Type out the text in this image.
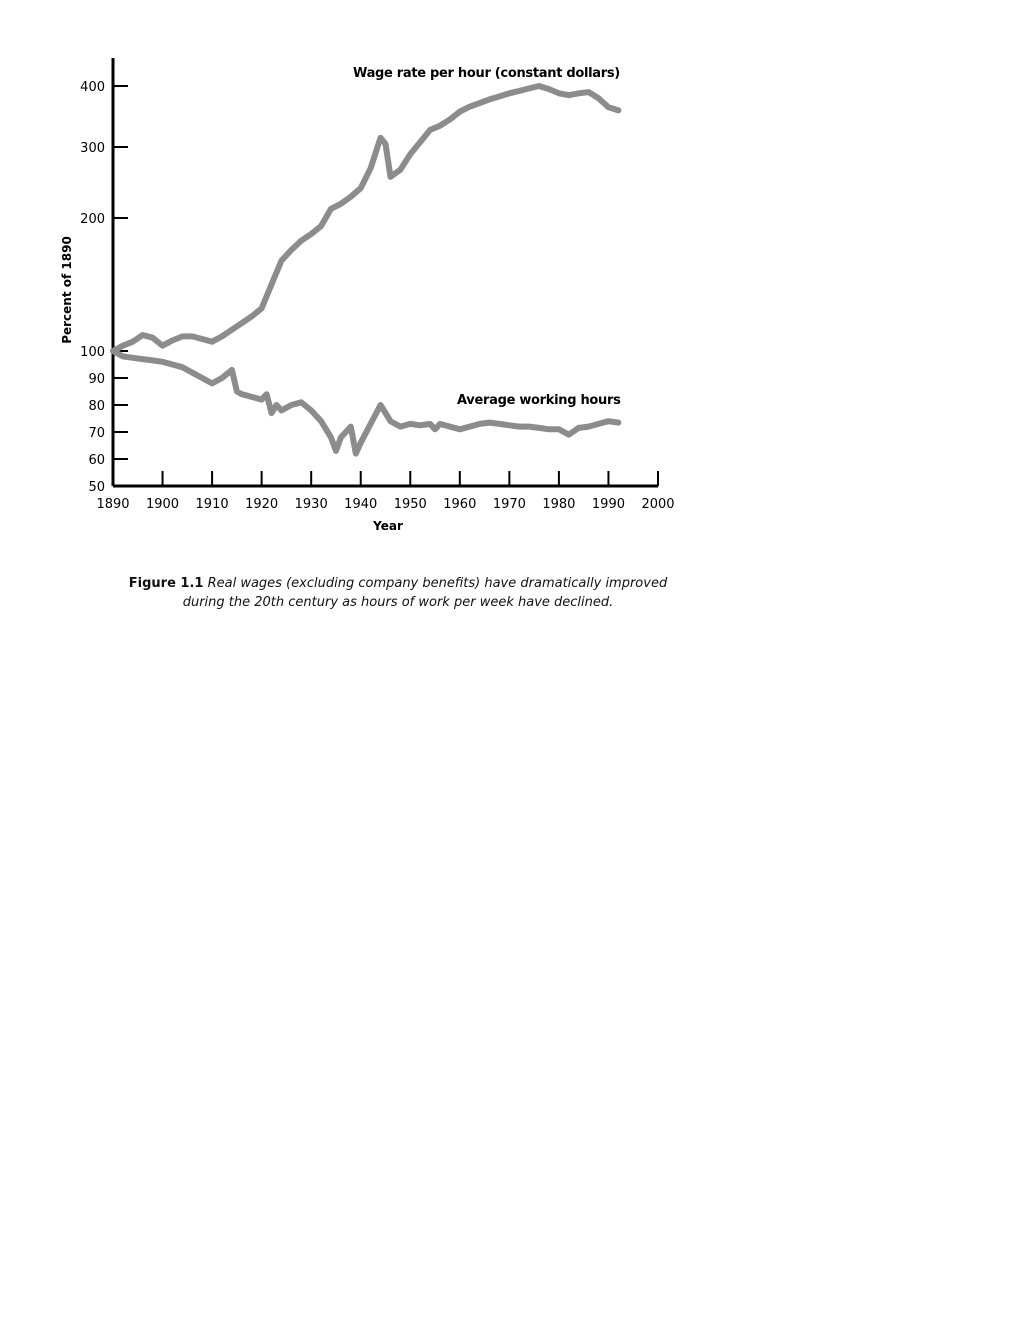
1890 1900 1910 1920 1930 1940 1950 1960 1970 1980 1990 2000
50
60
70
80
90
100
200
300
400
Percent of 1890
Year
Wage rate per hour (constant dollars)
Average working hours
Figure 1.1 Real wages (excluding company benefits) have dramatically improved
during the 20th century as hours of work per week have declined.
